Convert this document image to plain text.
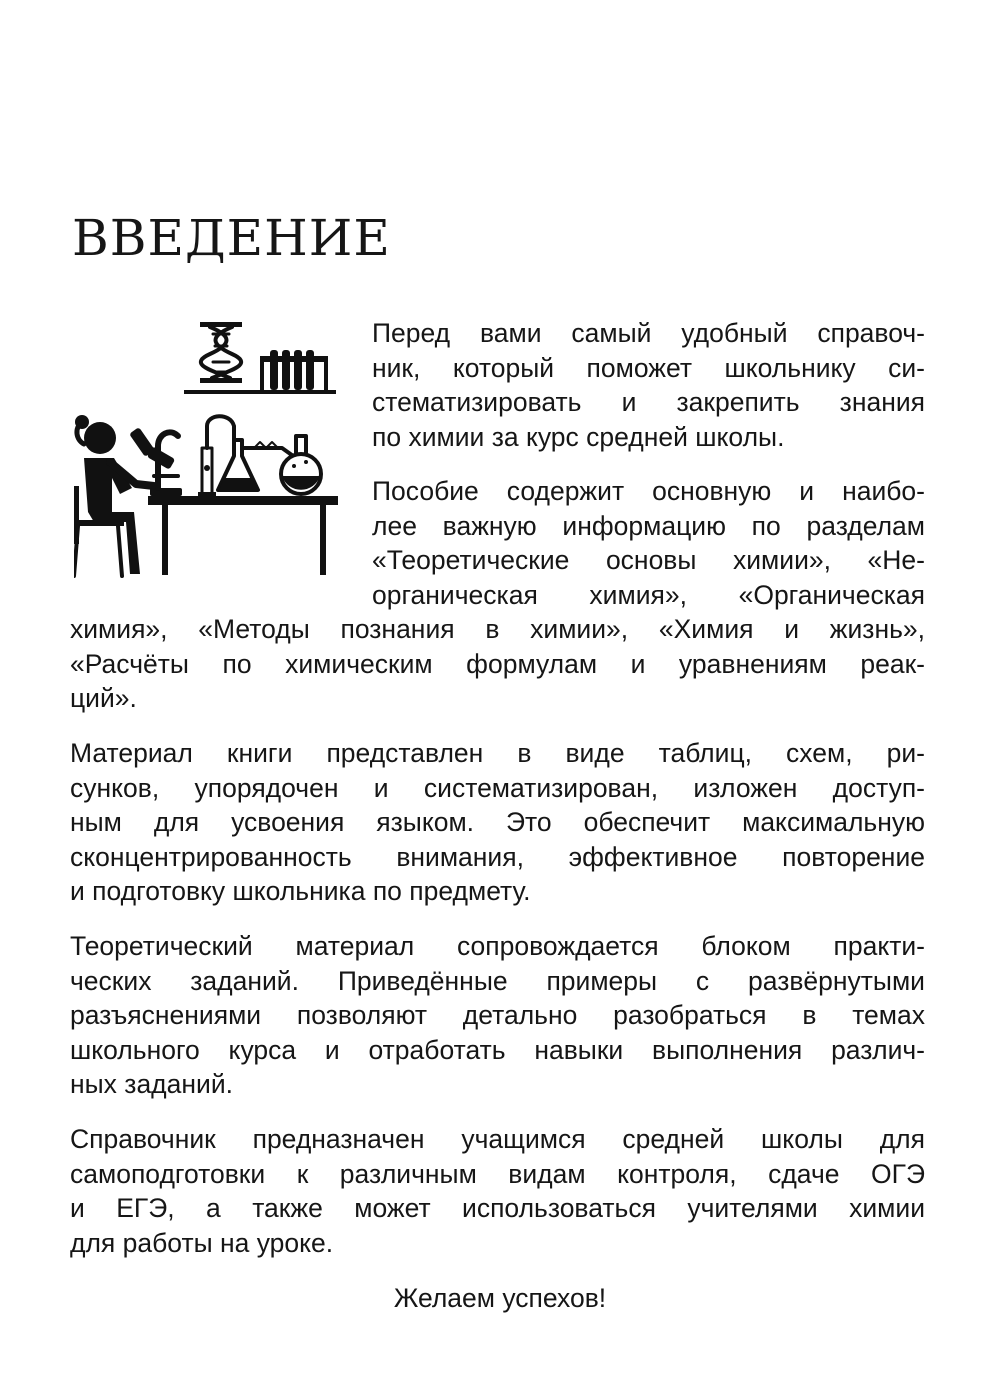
ВВЕДЕНИЕ
Перед вами самый удобный справоч-
ник, который поможет школьнику си-
стематизировать и закрепить знания
по химии за курс средней школы.
Пособие содержит основную и наибо-
лее важную информацию по разделам
«Теоретические основы химии», «Не-
органическая химия», «Органическая
химия», «Методы познания в химии», «Химия и жизнь»,
«Расчёты по химическим формулам и уравнениям реак-
ций».
Материал книги представлен в виде таблиц, схем, ри-
сунков, упорядочен и систематизирован, изложен доступ-
ным для усвоения языком. Это обеспечит максимальную
сконцентрированность внимания, эффективное повторение
и подготовку школьника по предмету.
Теоретический материал сопровождается блоком практи-
ческих заданий. Приведённые примеры с развёрнутыми
разъяснениями позволяют детально разобраться в темах
школьного курса и отработать навыки выполнения различ-
ных заданий.
Справочник предназначен учащимся средней школы для
самоподготовки к различным видам контроля, сдаче ОГЭ
и ЕГЭ, а также может использоваться учителями химии
для работы на уроке.
Желаем успехов!
